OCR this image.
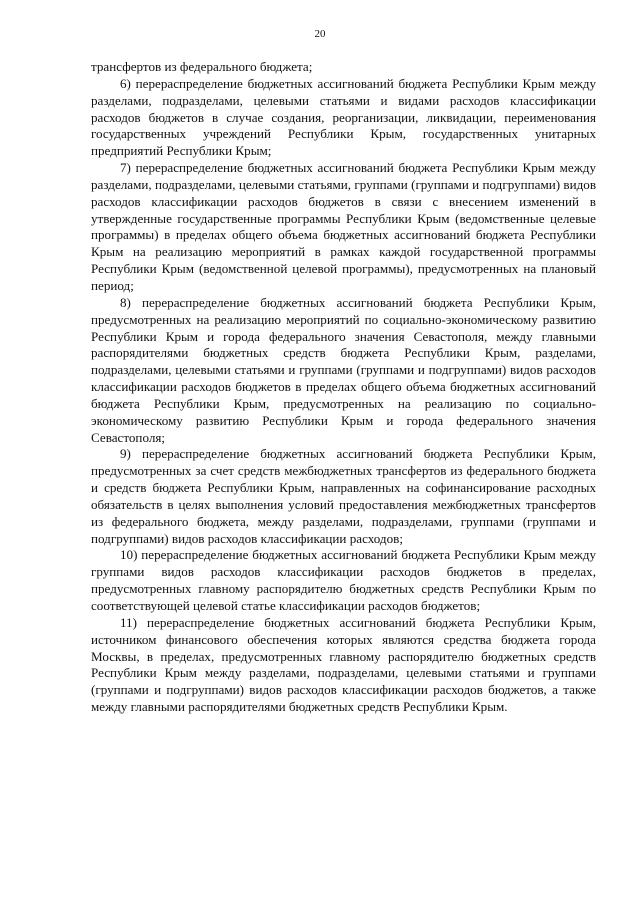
20

трансфертов из федерального бюджета;

6) перераспределение бюджетных ассигнований бюджета Республики Крым между разделами, подразделами, целевыми статьями и видами расходов классификации расходов бюджетов в случае создания, реорганизации, ликвидации, переименования государственных учреждений Республики Крым, государственных унитарных предприятий Республики Крым;

7) перераспределение бюджетных ассигнований бюджета Республики Крым между разделами, подразделами, целевыми статьями, группами (группами и подгруппами) видов расходов классификации расходов бюджетов в связи с внесением изменений в утвержденные государственные программы Республики Крым (ведомственные целевые программы) в пределах общего объема бюджетных ассигнований бюджета Республики Крым на реализацию мероприятий в рамках каждой государственной программы Республики Крым (ведомственной целевой программы), предусмотренных на плановый период;

8) перераспределение бюджетных ассигнований бюджета Республики Крым, предусмотренных на реализацию мероприятий по социально-экономическому развитию Республики Крым и города федерального значения Севастополя, между главными распорядителями бюджетных средств бюджета Республики Крым, разделами, подразделами, целевыми статьями и группами (группами и подгруппами) видов расходов классификации расходов бюджетов в пределах общего объема бюджетных ассигнований бюджета Республики Крым, предусмотренных на реализацию по социально-экономическому развитию Республики Крым и города федерального значения Севастополя;

9) перераспределение бюджетных ассигнований бюджета Республики Крым, предусмотренных за счет средств межбюджетных трансфертов из федерального бюджета и средств бюджета Республики Крым, направленных на софинансирование расходных обязательств в целях выполнения условий предоставления межбюджетных трансфертов из федерального бюджета, между разделами, подразделами, группами (группами и подгруппами) видов расходов классификации расходов;

10) перераспределение бюджетных ассигнований бюджета Республики Крым между группами видов расходов классификации расходов бюджетов в пределах, предусмотренных главному распорядителю бюджетных средств Республики Крым по соответствующей целевой статье классификации расходов бюджетов;

11) перераспределение бюджетных ассигнований бюджета Республики Крым, источником финансового обеспечения которых являются средства бюджета города Москвы, в пределах, предусмотренных главному распорядителю бюджетных средств Республики Крым между разделами, подразделами, целевыми статьями и группами (группами и подгруппами) видов расходов классификации расходов бюджетов, а также между главными распорядителями бюджетных средств Республики Крым.
